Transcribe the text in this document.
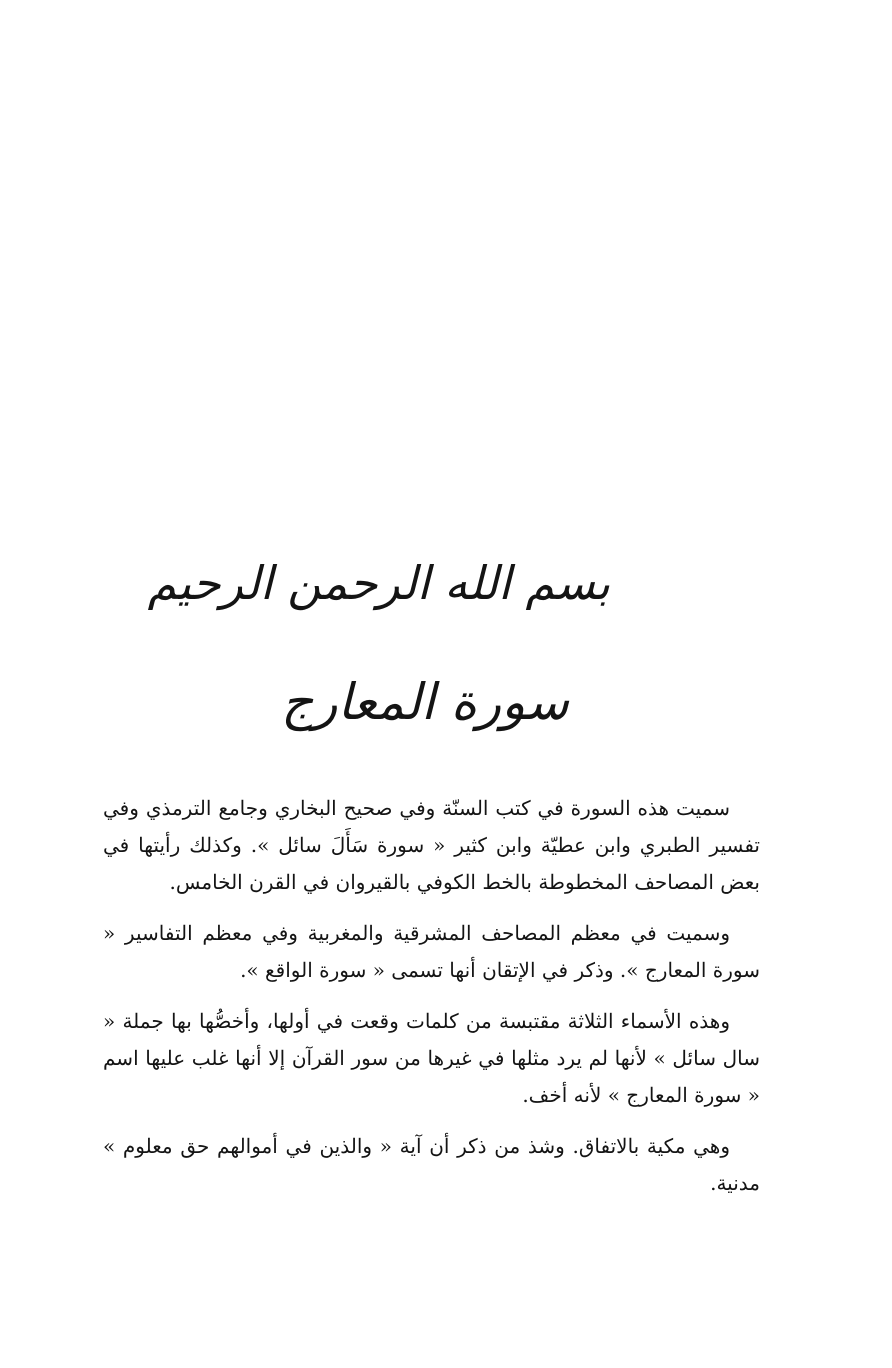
بسم الله الرحمن الرحيم
سورة المعارج

سميت هذه السورة في كتب السنّة وفي صحيح البخاري وجامع الترمذي وفي تفسير الطبري وابن عطيّة وابن كثير « سورة سَأَلَ سائل ». وكذلك رأيتها في بعض المصاحف المخطوطة بالخط الكوفي بالقيروان في القرن الخامس.

وسميت في معظم المصاحف المشرقية والمغربية وفي معظم التفاسير « سورة المعارج ». وذكر في الإتقان أنها تسمى « سورة الواقع ».

وهذه الأسماء الثلاثة مقتبسة من كلمات وقعت في أولها، وأخصُّها بها جملة « سال سائل » لأنها لم يرد مثلها في غيرها من سور القرآن إلا أنها غلب عليها اسم « سورة المعارج » لأنه أخف.

وهي مكية بالاتفاق. وشذ من ذكر أن آية « والذين في أموالهم حق معلوم » مدنية.
